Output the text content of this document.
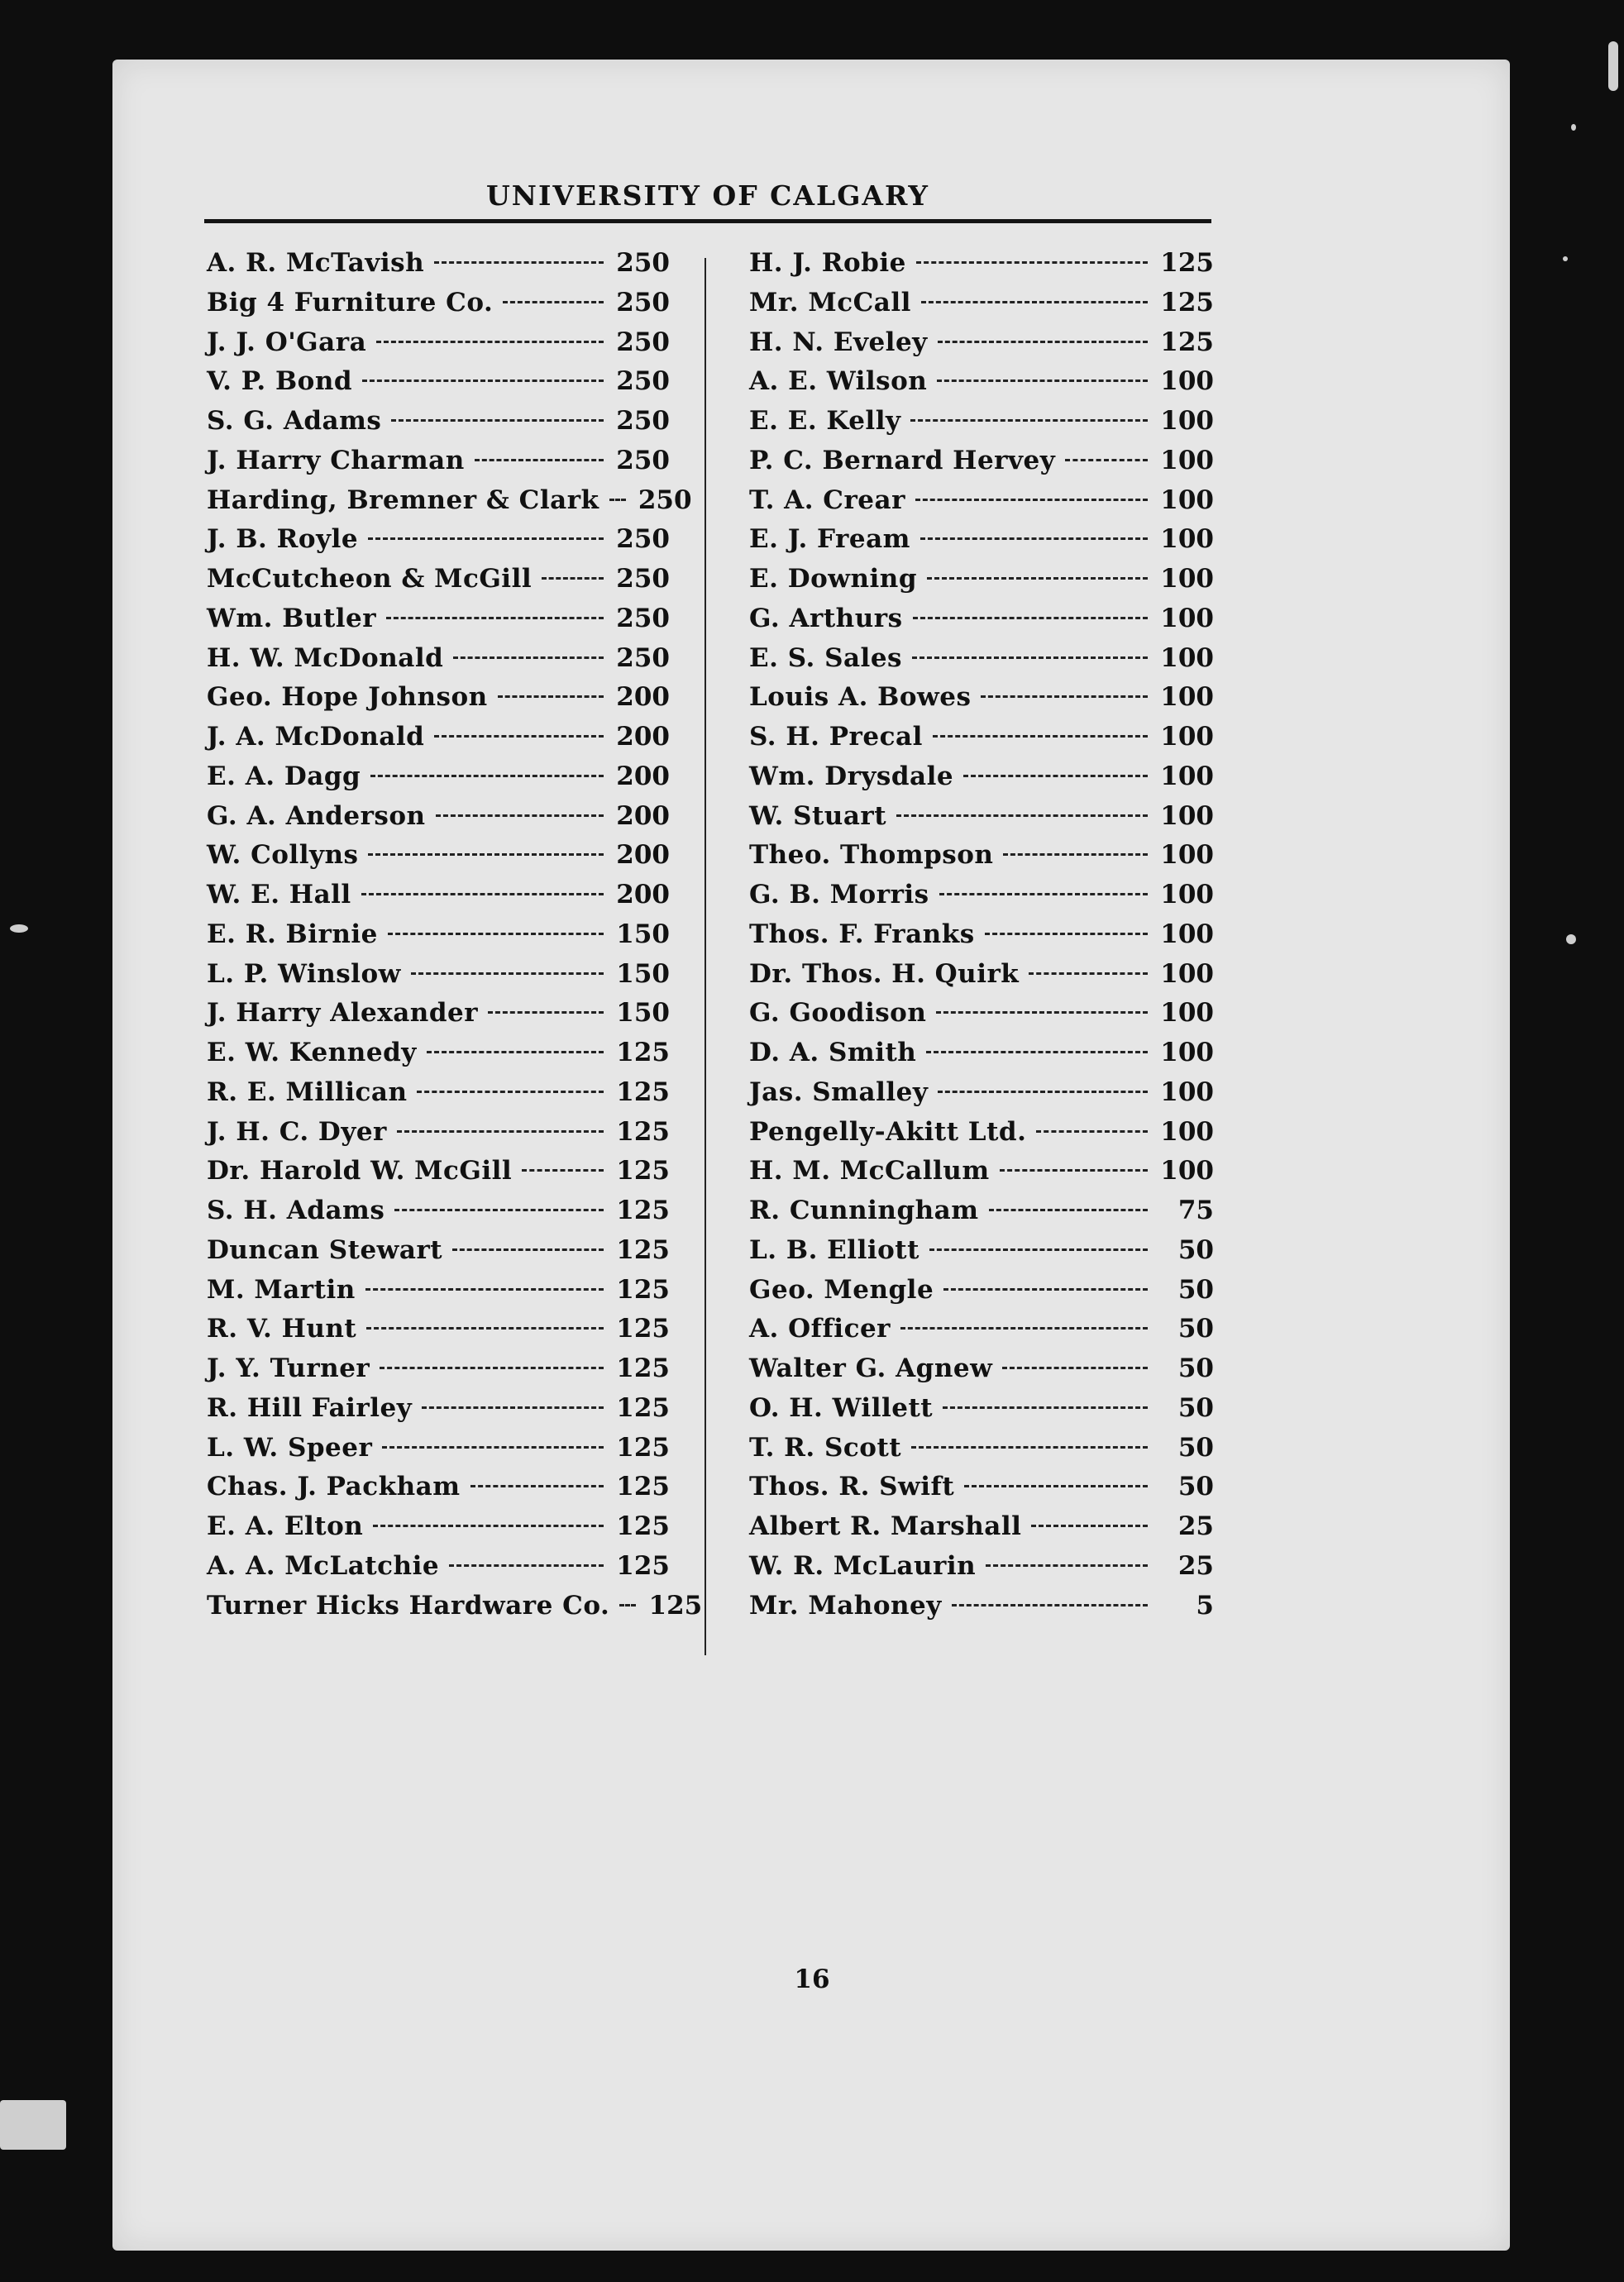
UNIVERSITY OF CALGARY
A. R. McTavish	250
Big 4 Furniture Co.	250
J. J. O'Gara	250
V. P. Bond	250
S. G. Adams	250
J. Harry Charman	250
Harding, Bremner & Clark	250
J. B. Royle	250
McCutcheon & McGill	250
Wm. Butler	250
H. W. McDonald	250
Geo. Hope Johnson	200
J. A. McDonald	200
E. A. Dagg	200
G. A. Anderson	200
W. Collyns	200
W. E. Hall	200
E. R. Birnie	150
L. P. Winslow	150
J. Harry Alexander	150
E. W. Kennedy	125
R. E. Millican	125
J. H. C. Dyer	125
Dr. Harold W. McGill	125
S. H. Adams	125
Duncan Stewart	125
M. Martin	125
R. V. Hunt	125
J. Y. Turner	125
R. Hill Fairley	125
L. W. Speer	125
Chas. J. Packham	125
E. A. Elton	125
A. A. McLatchie	125
Turner Hicks Hardware Co.	125
H. J. Robie	125
Mr. McCall	125
H. N. Eveley	125
A. E. Wilson	100
E. E. Kelly	100
P. C. Bernard Hervey	100
T. A. Crear	100
E. J. Fream	100
E. Downing	100
G. Arthurs	100
E. S. Sales	100
Louis A. Bowes	100
S. H. Precal	100
Wm. Drysdale	100
W. Stuart	100
Theo. Thompson	100
G. B. Morris	100
Thos. F. Franks	100
Dr. Thos. H. Quirk	100
G. Goodison	100
D. A. Smith	100
Jas. Smalley	100
Pengelly-Akitt Ltd.	100
H. M. McCallum	100
R. Cunningham	75
L. B. Elliott	50
Geo. Mengle	50
A. Officer	50
Walter G. Agnew	50
O. H. Willett	50
T. R. Scott	50
Thos. R. Swift	50
Albert R. Marshall	25
W. R. McLaurin	25
Mr. Mahoney	5
16
